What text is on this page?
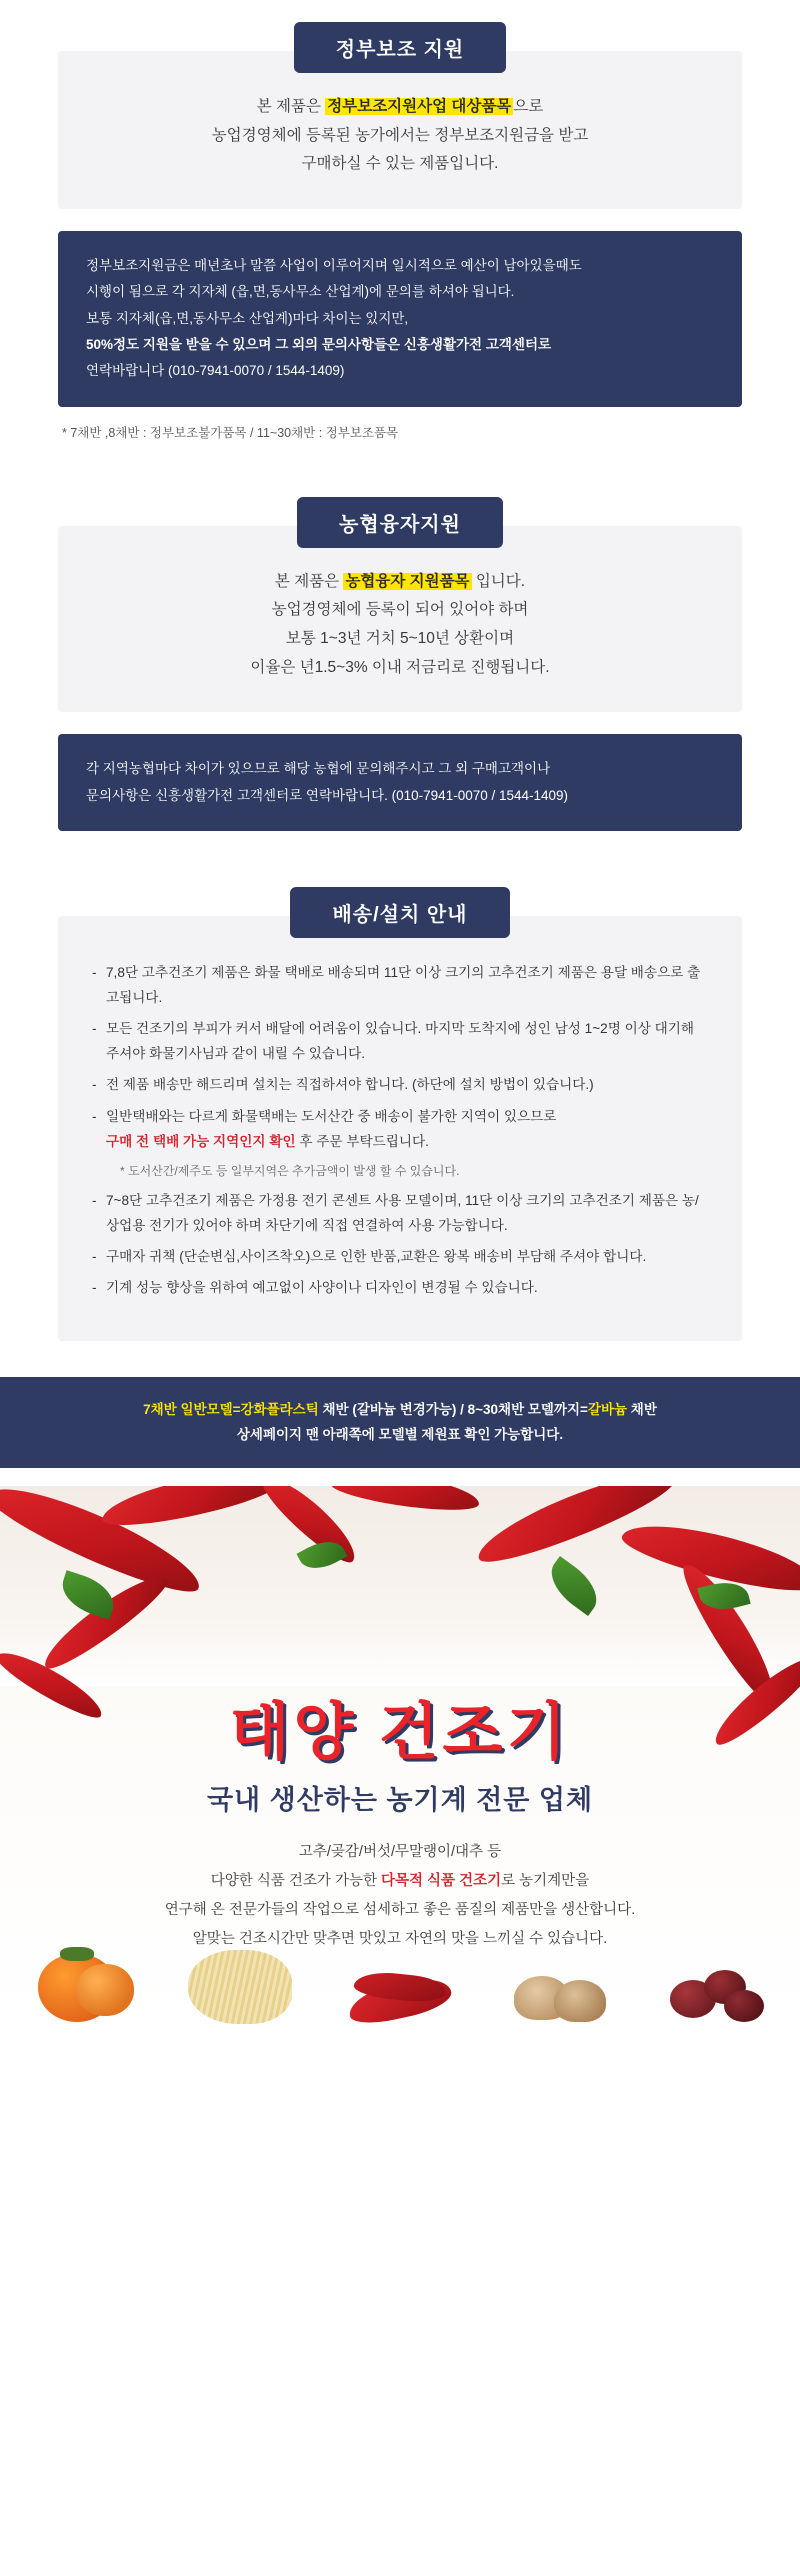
정부보조 지원

본 제품은 정부보조지원사업 대상품목 으로

농업경영체에 등록된 농가에서는 정부보조지원금을 받고

구매하실 수 있는 제품입니다.

정부보조지원금은 매년초나 말쯤 사업이 이루어지며 일시적으로 예산이 남아있을때도

시행이 됨으로 각 지자체 (읍,면,동사무소 산업계)에 문의를 하셔야 됩니다.

보통 지자체(읍,면,동사무소 산업계)마다 차이는 있지만,

50%정도 지원을 받을 수 있으며 그 외의 문의사항들은 신흥생활가전 고객센터로

연락바랍니다 (010-7941-0070 / 1544-1409)

* 7채반 ,8채반 : 정부보조불가품목 / 11~30채반 : 정부보조품목
농협융자지원

본 제품은 농협융자 지원품목 입니다.

농업경영체에 등록이 되어 있어야 하며

보통 1~3년 거치 5~10년 상환이며

이율은 년1.5~3% 이내 저금리로 진행됩니다.

각 지역농협마다 차이가 있으므로 해당 농협에 문의해주시고 그 외 구매고객이나

문의사항은 신흥생활가전 고객센터로 연락바랍니다. (010-7941-0070 / 1544-1409)

배송/설치 안내
- 7,8단 고추건조기 제품은 화물 택배로 배송되며 11단 이상 크기의 고추건조기 제품은 용달 배송으로 출고됩니다.
- 모든 건조기의 부피가 커서 배달에 어려움이 있습니다. 마지막 도착지에 성인 남성 1~2명 이상 대기해 주셔야 화물기사님과 같이 내릴 수 있습니다.
- 전 제품 배송만 해드리며 설치는 직접하셔야 합니다. (하단에 설치 방법이 있습니다.)
- 일반택배와는 다르게 화물택배는 도서산간 중 배송이 불가한 지역이 있으므로
구매 전 택배 가능 지역인지 확인 후 주문 부탁드립니다.
* 도서산간/제주도 등 일부지역은 추가금액이 발생 할 수 있습니다.
- 7~8단 고추건조기 제품은 가정용 전기 콘센트 사용 모델이며, 11단 이상 크기의 고추건조기 제품은 농/상업용 전기가 있어야 하며 차단기에 직접 연결하여 사용 가능합니다.
- 구매자 귀책 (단순변심,사이즈착오)으로 인한 반품,교환은 왕복 배송비 부담해 주셔야 합니다.
- 기계 성능 향상을 위하여 예고없이 사양이나 디자인이 변경될 수 있습니다.
7채반 일반모델=강화플라스틱 채반 (갈바늄 변경가능) / 8~30채반 모델까지=갈바늄 채반
상세페이지 맨 아래쪽에 모델별 제원표 확인 가능합니다.
태양 건조기
국내 생산하는 농기계 전문 업체
고추/곶감/버섯/무말랭이/대추 등
다양한 식품 건조가 가능한 다목적 식품 건조기로 농기계만을
연구해 온 전문가들의 작업으로 섬세하고 좋은 품질의 제품만을 생산합니다.
알맞는 건조시간만 맞추면 맛있고 자연의 맛을 느끼실 수 있습니다.
